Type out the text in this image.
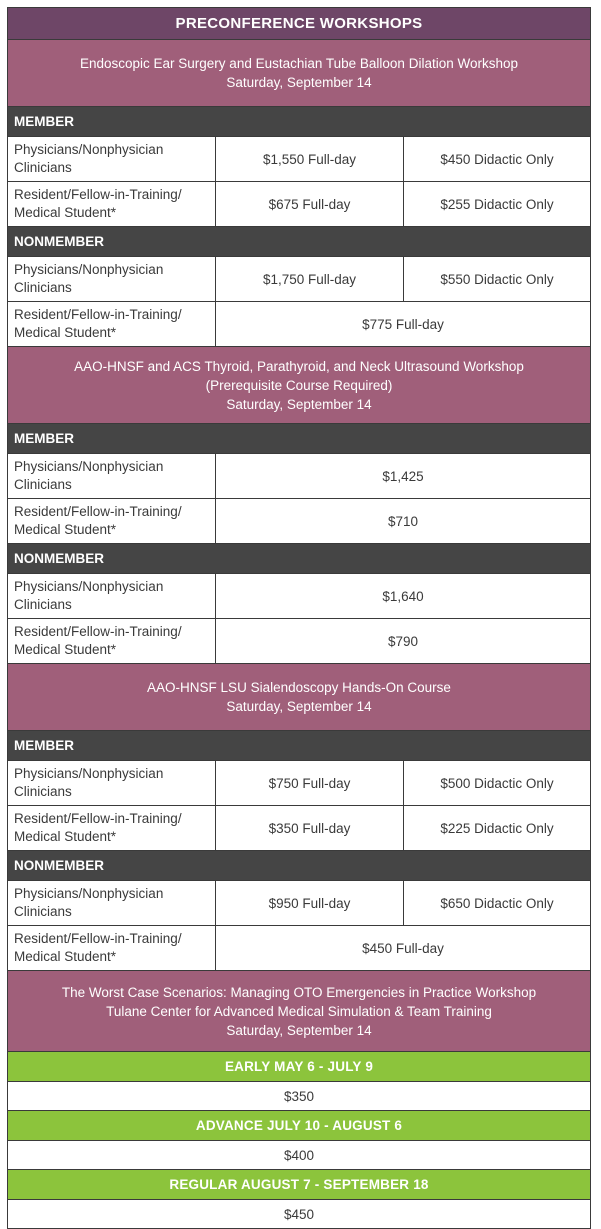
PRECONFERENCE WORKSHOPS
Endoscopic Ear Surgery and Eustachian Tube Balloon Dilation Workshop
Saturday, September 14
MEMBER
Physicians/Nonphysician
Clinicians
$1,550 Full-day	$450 Didactic Only
Resident/Fellow-in-Training/
Medical Student*
$675 Full-day	$255 Didactic Only
NONMEMBER
Physicians/Nonphysician
Clinicians
$1,750 Full-day	$550 Didactic Only
Resident/Fellow-in-Training/
Medical Student*
$775 Full-day
AAO-HNSF and ACS Thyroid, Parathyroid, and Neck Ultrasound Workshop
(Prerequisite Course Required)
Saturday, September 14
MEMBER
Physicians/Nonphysician
Clinicians
$1,425
Resident/Fellow-in-Training/
Medical Student*
$710
NONMEMBER
Physicians/Nonphysician
Clinicians
$1,640
Resident/Fellow-in-Training/
Medical Student*
$790
AAO-HNSF LSU Sialendoscopy Hands-On Course
Saturday, September 14
MEMBER
Physicians/Nonphysician
Clinicians
$750 Full-day	$500 Didactic Only
Resident/Fellow-in-Training/
Medical Student*
$350 Full-day	$225 Didactic Only
NONMEMBER
Physicians/Nonphysician
Clinicians
$950 Full-day	$650 Didactic Only
Resident/Fellow-in-Training/
Medical Student*
$450 Full-day
The Worst Case Scenarios: Managing OTO Emergencies in Practice Workshop
Tulane Center for Advanced Medical Simulation & Team Training
Saturday, September 14
EARLY MAY 6 - JULY 9
$350
ADVANCE JULY 10 - AUGUST 6
$400
REGULAR AUGUST 7 - SEPTEMBER 18
$450
